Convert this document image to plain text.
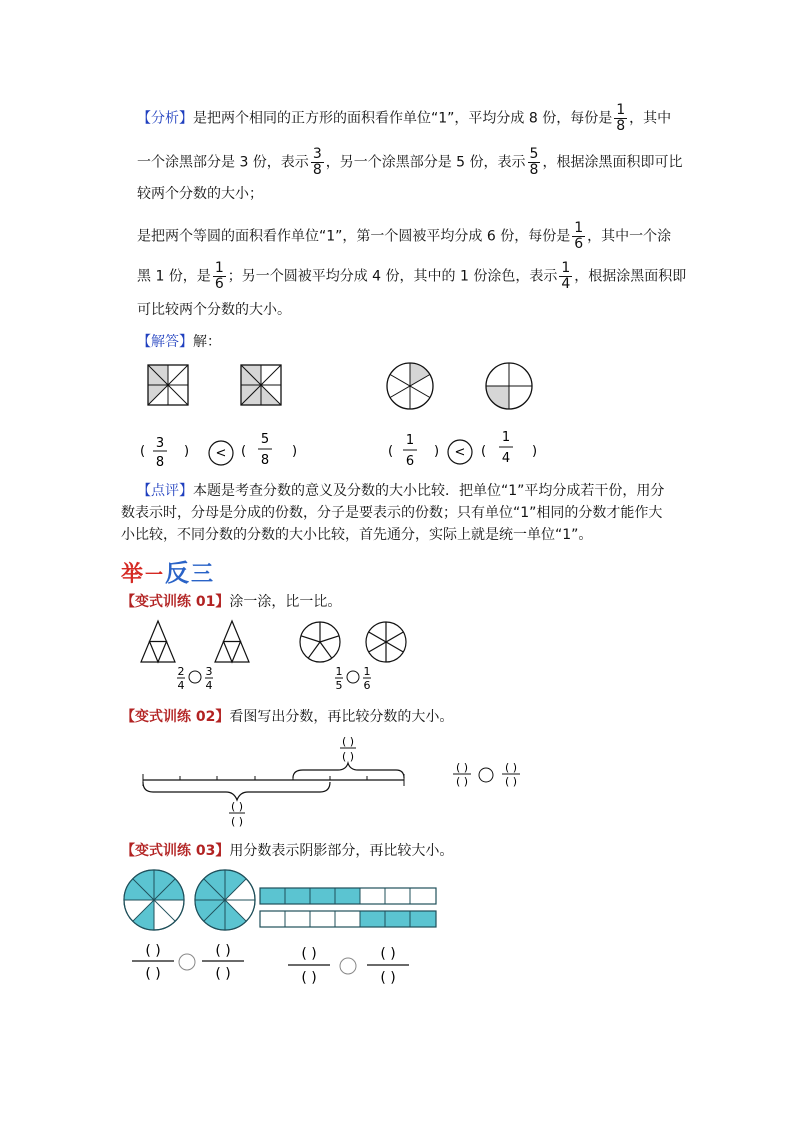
【分析】是把两个相同的正方形的面积看作单位“1”，平均分成 8 份，每份是 $\frac{1}{8}$ ，其中
一个涂黑部分是 3 份，表示 $\frac{3}{8}$ ，另一个涂黑部分是 5 份，表示 $\frac{5}{8}$ ，根据涂黑面积即可比
较两个分数的大小；
是把两个等圆的面积看作单位“1”，第一个圆被平均分成 6 份，每份是 $\frac{1}{6}$ ，其中一个涂
黑 1 份，是 $\frac{1}{6}$ ；另一个圆被平均分成 4 份，其中的 1 份涂色，表示 $\frac{1}{4}$ ，根据涂黑面积即
可比较两个分数的大小。
【解答】解：
(
3
8
) < (
5
8
)	(
1
6
) < (
1
4 )
【点评】本题是考查分数的意义及分数的大小比较．把单位“1”平均分成若干份，用分
数表示时，分母是分成的份数，分子是要表示的份数；只有单位“1”相同的分数才能作大
小比较，不同分数的分数的大小比较，首先通分，实际上就是统一单位“1”。
举一反三
【变式训练 01】涂一涂，比一比。
2
4
3
4
1
5
1
6
【变式训练 02】看图写出分数，再比较分数的大小。
( )
( )
( )
( )
( )
( )
( )
( )
【变式训练 03】用分数表示阴影部分，再比较大小。
( )
( )
( )
( )
( )
( )
( )
( )
